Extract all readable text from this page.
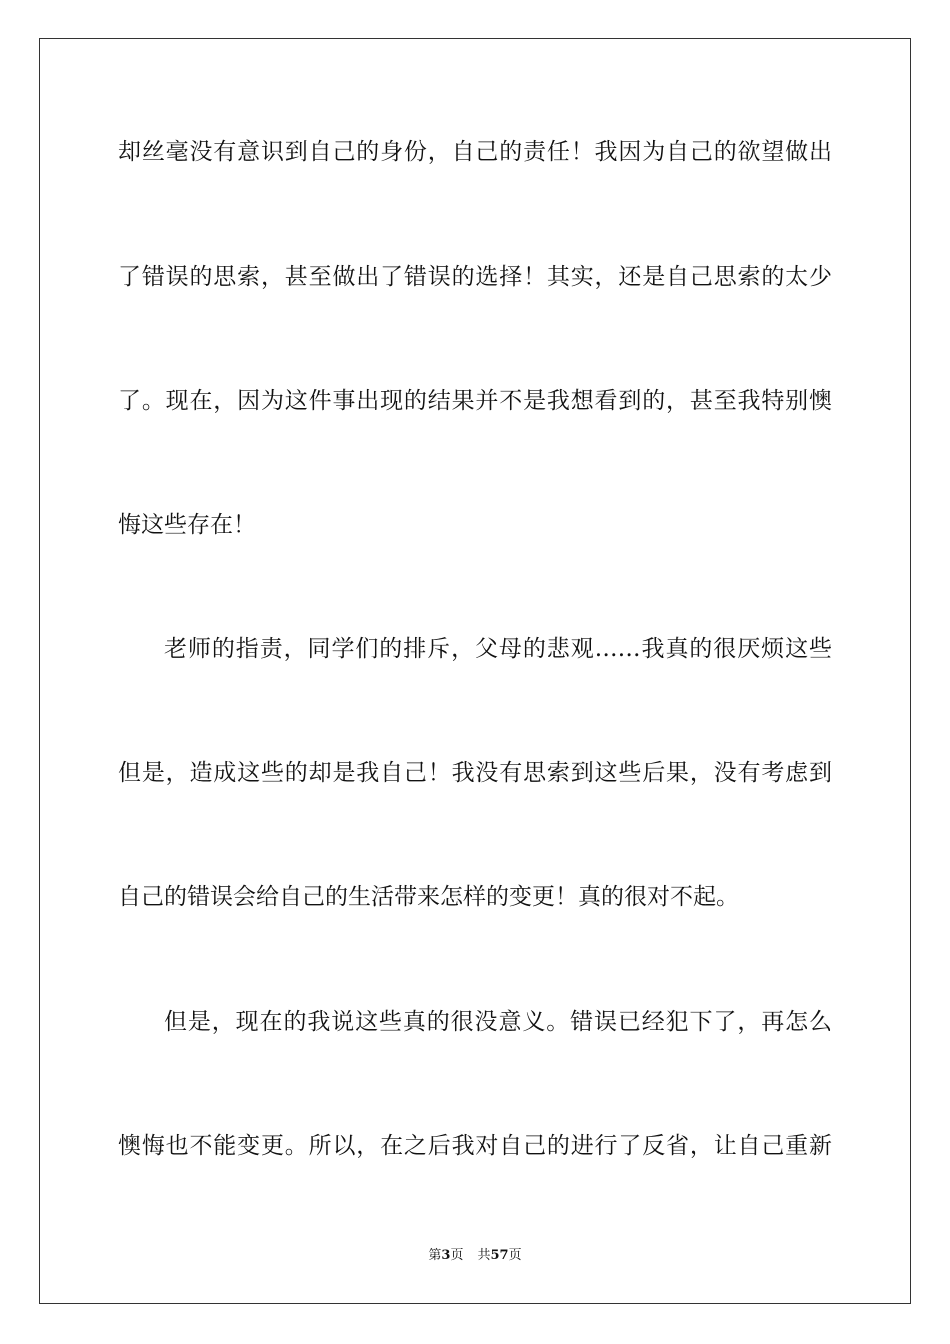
却丝毫没有意识到自己的身份，自己的责任！我因为自己的欲望做出
了错误的思索，甚至做出了错误的选择！其实，还是自己思索的太少
了。现在，因为这件事出现的结果并不是我想看到的，甚至我特别懊
悔这些存在！
老师的指责，同学们的排斥，父母的悲观……我真的很厌烦这些
但是，造成这些的却是我自己！我没有思索到这些后果，没有考虑到
自己的错误会给自己的生活带来怎样的变更！真的很对不起。
但是，现在的我说这些真的很没意义。错误已经犯下了，再怎么
懊悔也不能变更。所以，在之后我对自己的进行了反省，让自己重新
第3页 共57页
